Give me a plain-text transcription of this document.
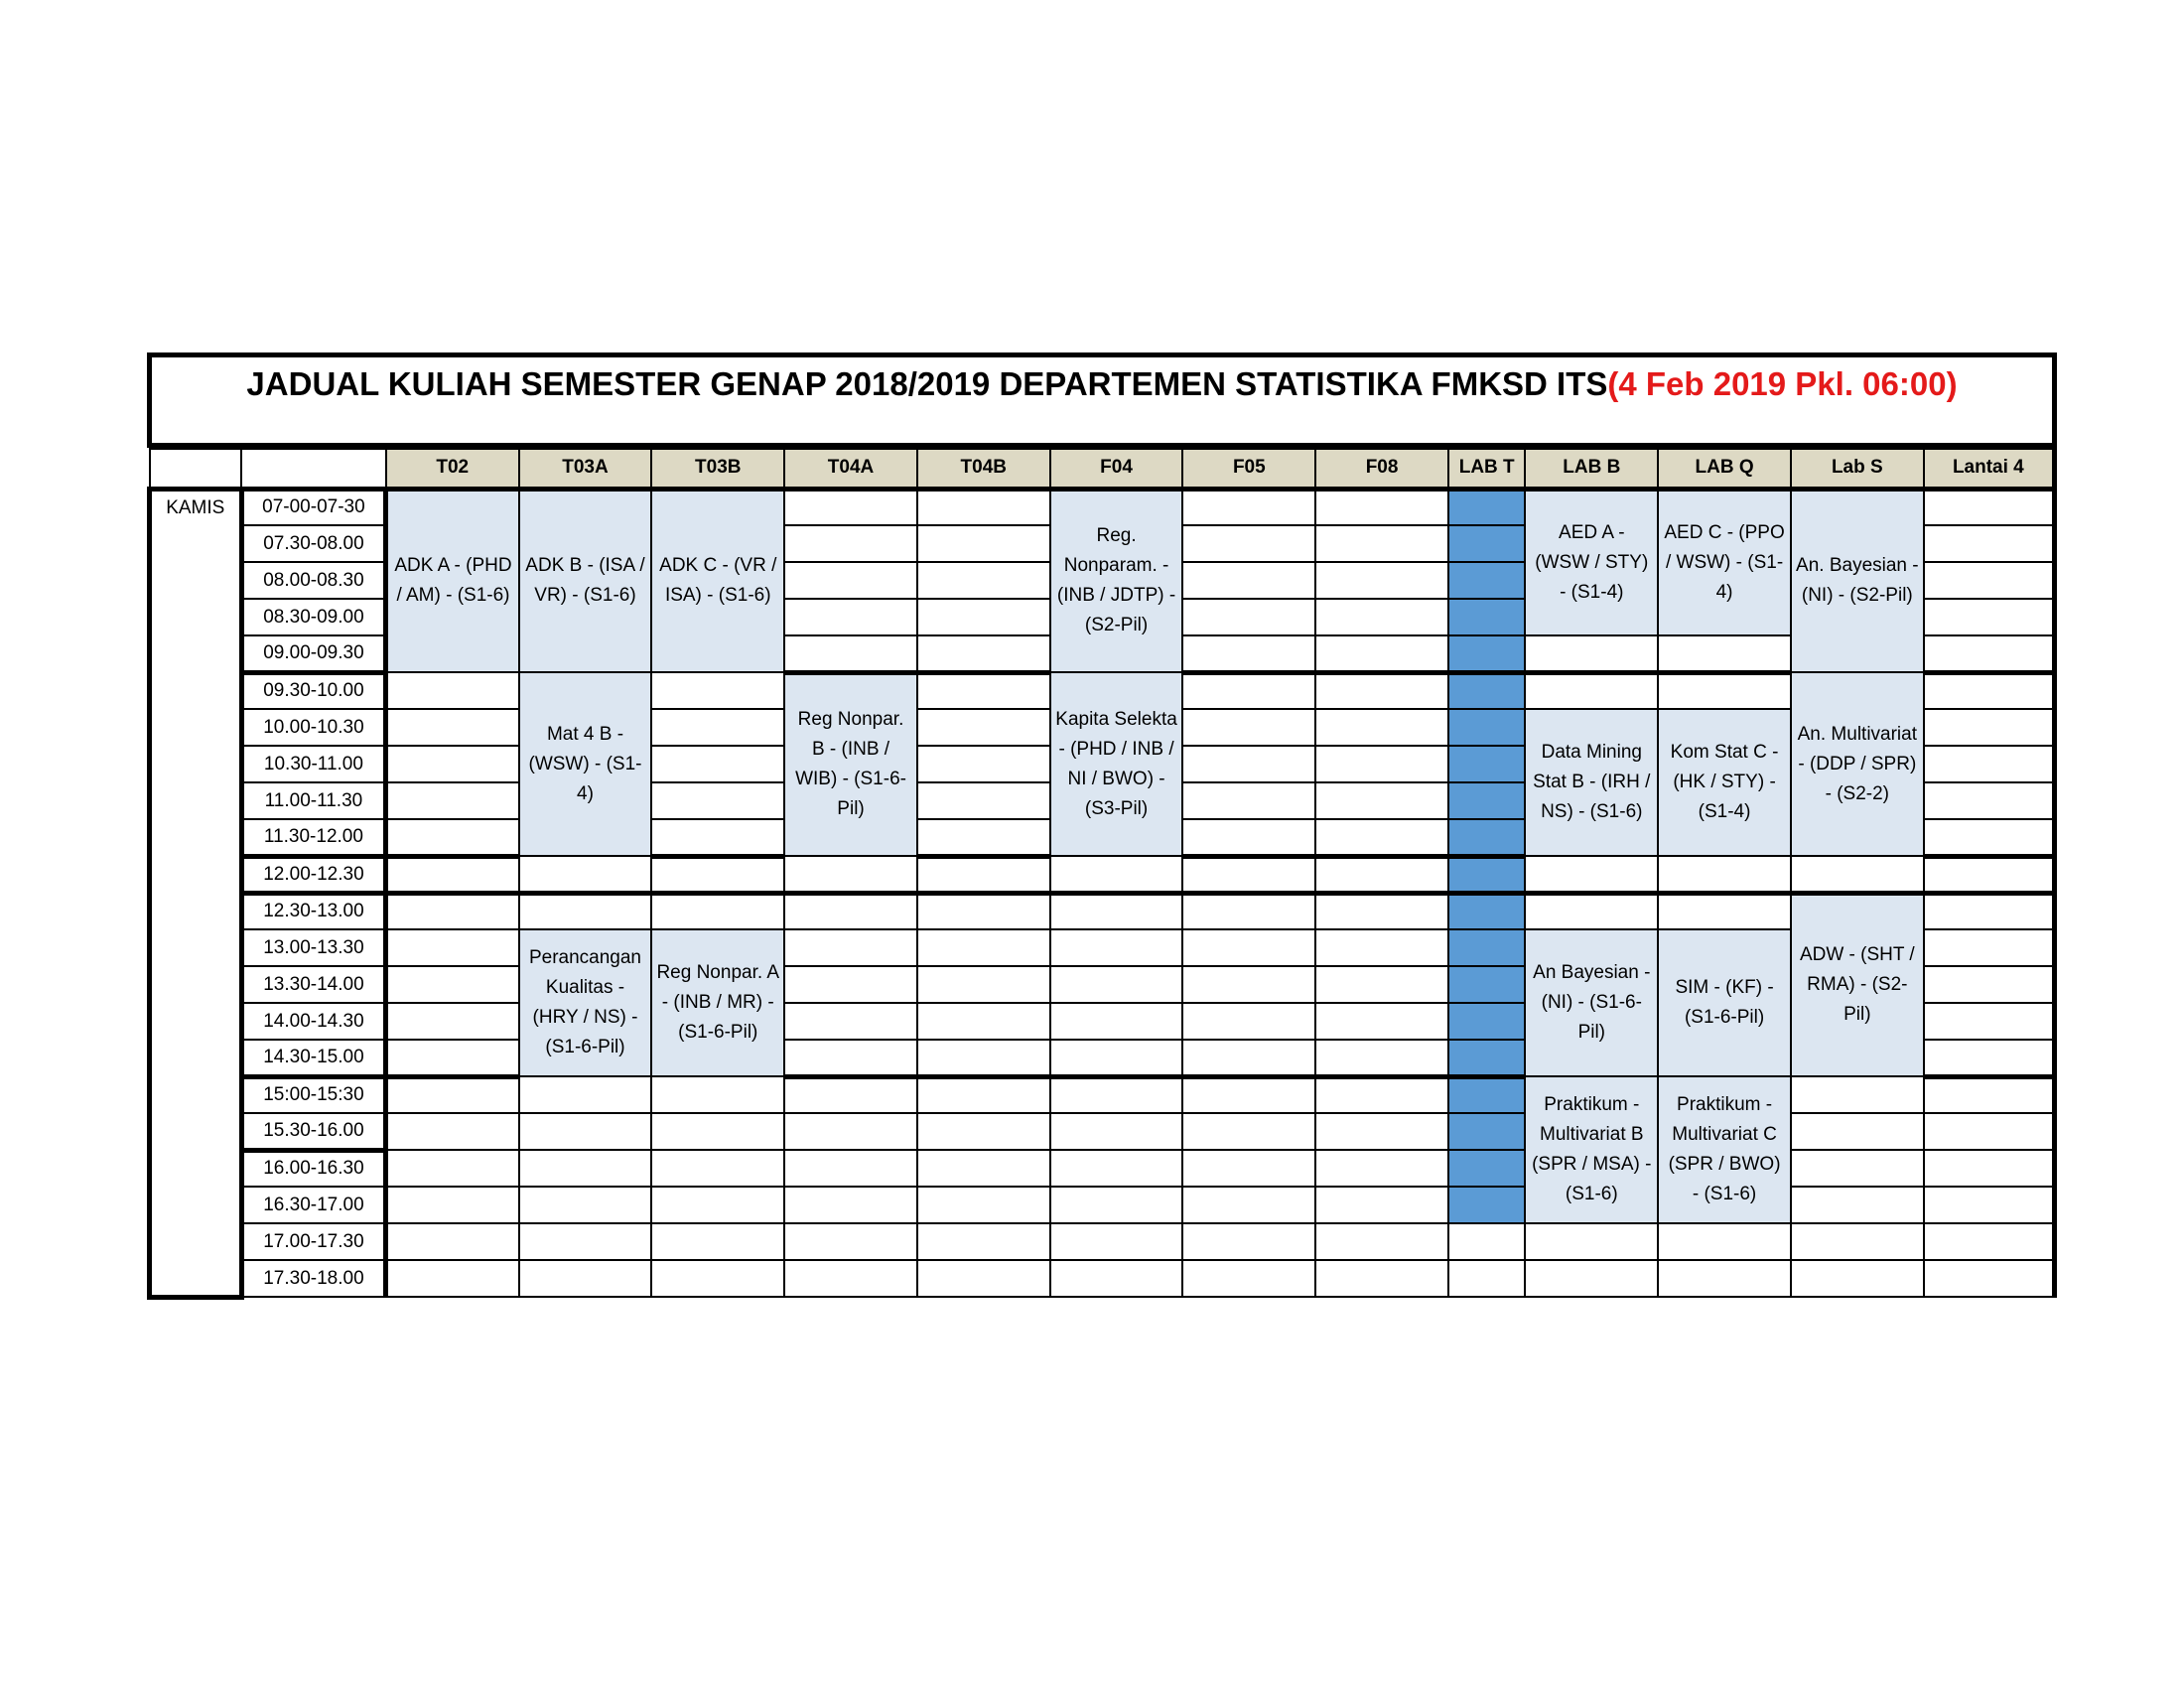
JADUAL KULIAH SEMESTER GENAP 2018/2019 DEPARTEMEN STATISTIKA FMKSD ITS(4 Feb 2019 Pkl. 06:00)
		T02	T03A	T03B	T04A	T04B	F04	F05	F08	LAB T	LAB B	LAB Q	Lab S	Lantai 4
KAMIS	07-00-07-30	ADK A - (PHD / AM) - (S1-6)	ADK B - (ISA / VR) - (S1-6)	ADK C - (VR / ISA) - (S1-6)			Reg. Nonparam. - (INB / JDTP) - (S2-Pil)				AED A - (WSW / STY) - (S1-4)	AED C - (PPO / WSW) - (S1-4)	An. Bayesian - (NI) - (S2-Pil)	
	07.30-08.00													
	08.00-08.30													
	08.30-09.00													
	09.00-09.30													
	09.30-10.00		Mat 4 B - (WSW) - (S1-4)		Reg Nonpar. B - (INB / WIB) - (S1-6-Pil)		Kapita Selekta - (PHD / INB / NI / BWO) - (S3-Pil)						An. Multivariat - (DDP / SPR) - (S2-2)	
	10.00-10.30										Data Mining Stat B - (IRH / NS) - (S1-6)	Kom Stat C - (HK / STY) - (S1-4)		
	10.30-11.00													
	11.00-11.30													
	11.30-12.00													
	12.00-12.30													
	12.30-13.00												ADW - (SHT / RMA) - (S2-Pil)	
	13.00-13.30		Perancangan Kualitas - (HRY / NS) - (S1-6-Pil)	Reg Nonpar. A - (INB / MR) - (S1-6-Pil)							An Bayesian - (NI) - (S1-6-Pil)	SIM - (KF) - (S1-6-Pil)		
	13.30-14.00													
	14.00-14.30													
	14.30-15.00													
	15:00-15:30										Praktikum - Multivariat B (SPR / MSA) - (S1-6)	Praktikum - Multivariat C (SPR / BWO) - (S1-6)		
	15.30-16.00													
	16.00-16.30													
	16.30-17.00													
	17.00-17.30													
	17.30-18.00													
